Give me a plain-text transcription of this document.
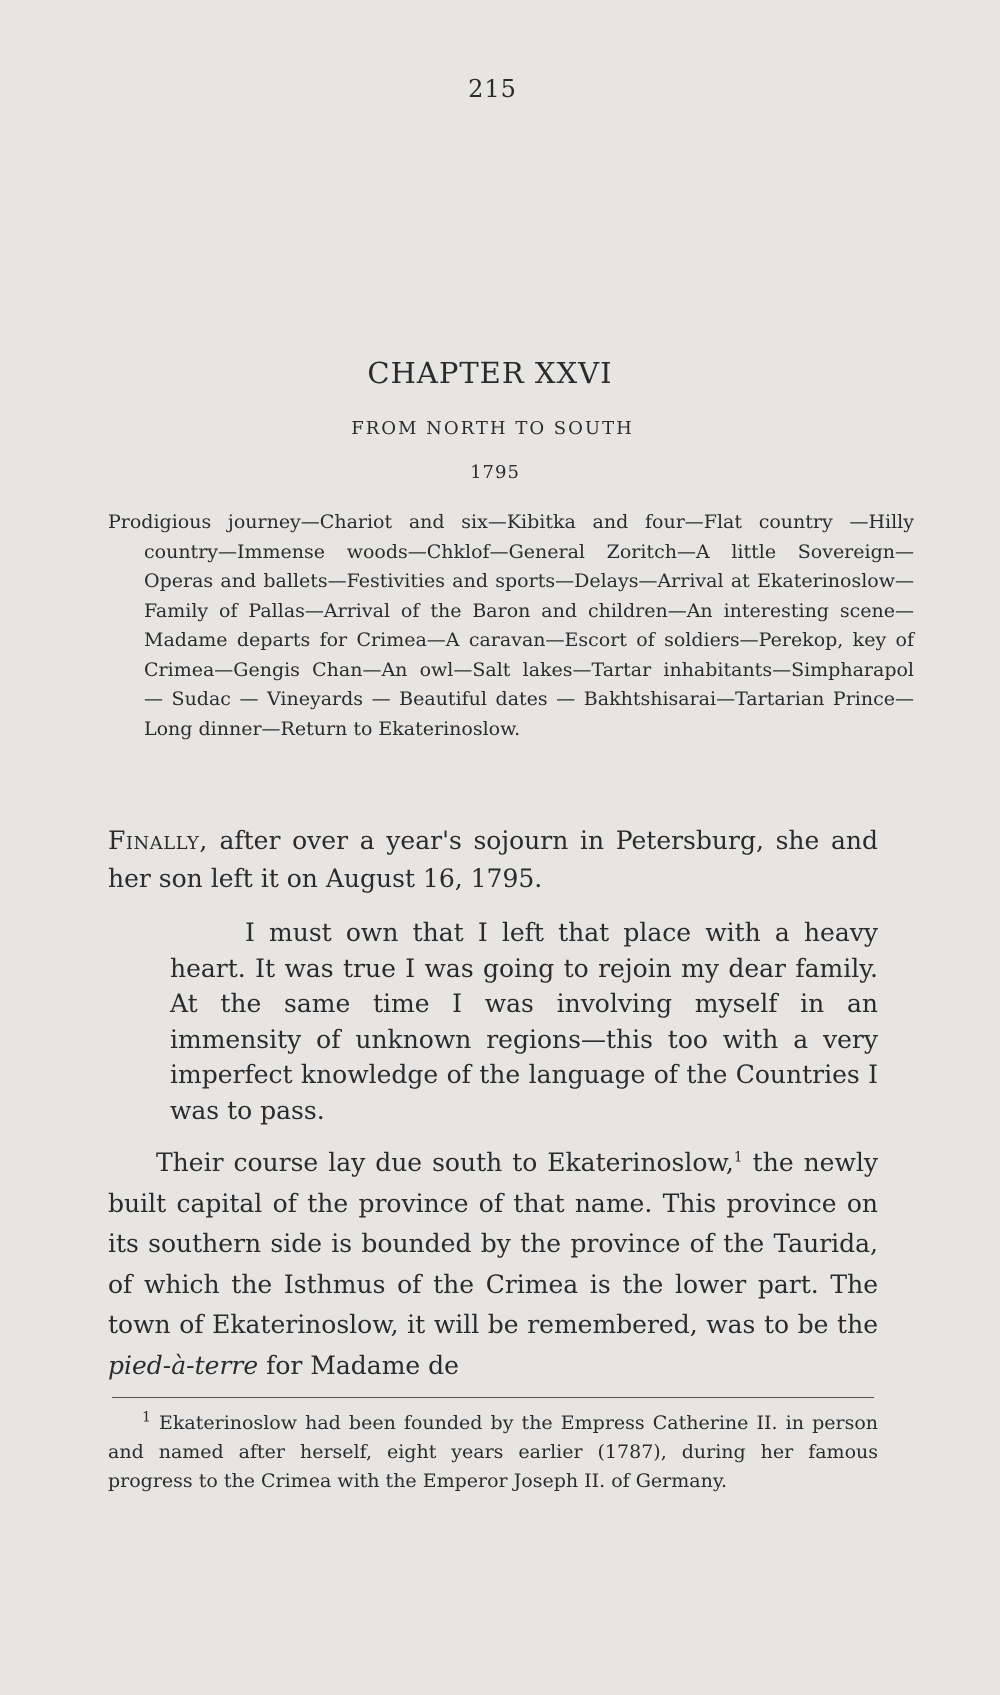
215
CHAPTER XXVI
FROM NORTH TO SOUTH
1795

Prodigious journey—Chariot and six—Kibitka and four—Flat country —Hilly country—Immense woods—Chklof—General Zoritch—A little Sovereign—Operas and ballets—Festivities and sports—Delays—Arrival at Ekaterinoslow—Family of Pallas—Arrival of the Baron and children—An interesting scene—Madame departs for Crimea—A caravan—Escort of soldiers—Perekop, key of Crimea—Gengis Chan—An owl—Salt lakes—Tartar inhabitants—Simpharapol — Sudac — Vineyards — Beautiful dates — Bakhtshisarai—Tartarian Prince—Long dinner—Return to Ekaterinoslow.

Finally, after over a year's sojourn in Petersburg, she and her son left it on August 16, 1795.

I must own that I left that place with a heavy heart. It was true I was going to rejoin my dear family. At the same time I was involving myself in an immensity of unknown regions—this too with a very imperfect knowledge of the language of the Countries I was to pass.

Their course lay due south to Ekaterinoslow,$^1$ the newly built capital of the province of that name. This province on its southern side is bounded by the province of the Taurida, of which the Isthmus of the Crimea is the lower part. The town of Ekaterinoslow, it will be remembered, was to be the pied-à-terre for Madame de

$^1$ Ekaterinoslow had been founded by the Empress Catherine II. in person and named after herself, eight years earlier (1787), during her famous progress to the Crimea with the Emperor Joseph II. of Germany.
